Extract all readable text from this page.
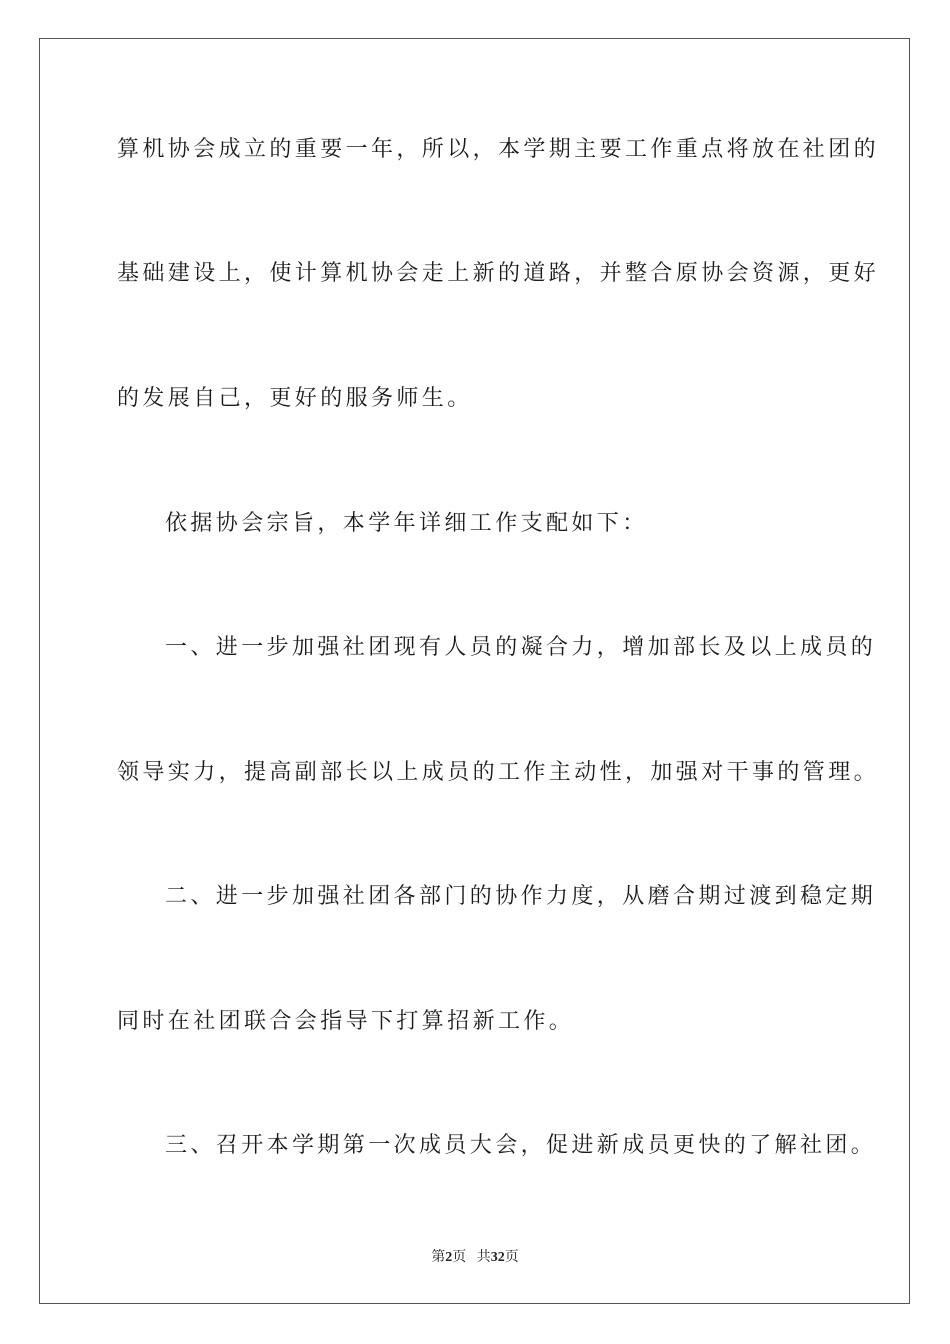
算机协会成立的重要一年，所以，本学期主要工作重点将放在社团的
基础建设上，使计算机协会走上新的道路，并整合原协会资源，更好
的发展自己，更好的服务师生。
依据协会宗旨，本学年详细工作支配如下：
一、进一步加强社团现有人员的凝合力，增加部长及以上成员的
领导实力，提高副部长以上成员的工作主动性，加强对干事的管理。
二、进一步加强社团各部门的协作力度，从磨合期过渡到稳定期
同时在社团联合会指导下打算招新工作。
三、召开本学期第一次成员大会，促进新成员更快的了解社团。
第2页 共32页
